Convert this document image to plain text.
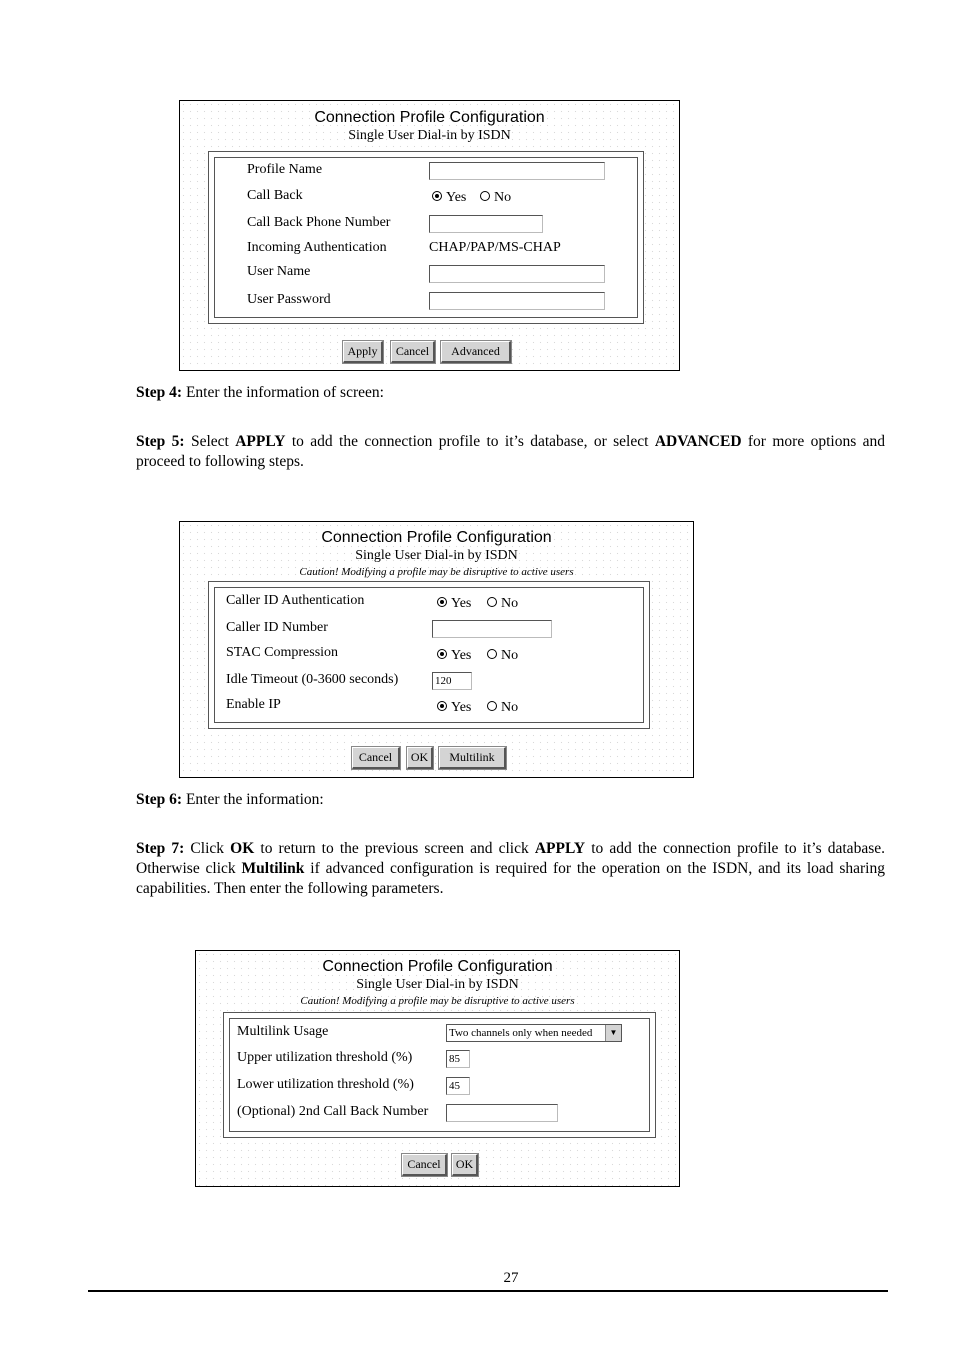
Connection Profile Configuration
Single User Dial-in by ISDN
Profile Name
Call Back	Yes	No
Call Back Phone Number
Incoming Authentication	CHAP/PAP/MS-CHAP
User Name
User Password
Apply	Cancel	Advanced
Step 4: Enter the information of screen:
Step 5: Select APPLY to add the connection profile to it’s database, or select ADVANCED for more options and proceed to following steps.
Connection Profile Configuration
Single User Dial-in by ISDN
Caution! Modifying a profile may be disruptive to active users
Caller ID Authentication	Yes	No
Caller ID Number
STAC Compression	Yes	No
Idle Timeout (0-3600 seconds)	120
Enable IP	Yes	No
Cancel	OK	Multilink
Step 6: Enter the information:
Step 7: Click OK to return to the previous screen and click APPLY to add the connection profile to it’s database. Otherwise click Multilink if advanced configuration is required for the operation on the ISDN, and its load sharing capabilities. Then enter the following parameters.
Connection Profile Configuration
Single User Dial-in by ISDN
Caution! Modifying a profile may be disruptive to active users
Multilink Usage	Two channels only when needed	▼
Upper utilization threshold (%)	85
Lower utilization threshold (%)	45
(Optional) 2nd Call Back Number
Cancel	OK
27
